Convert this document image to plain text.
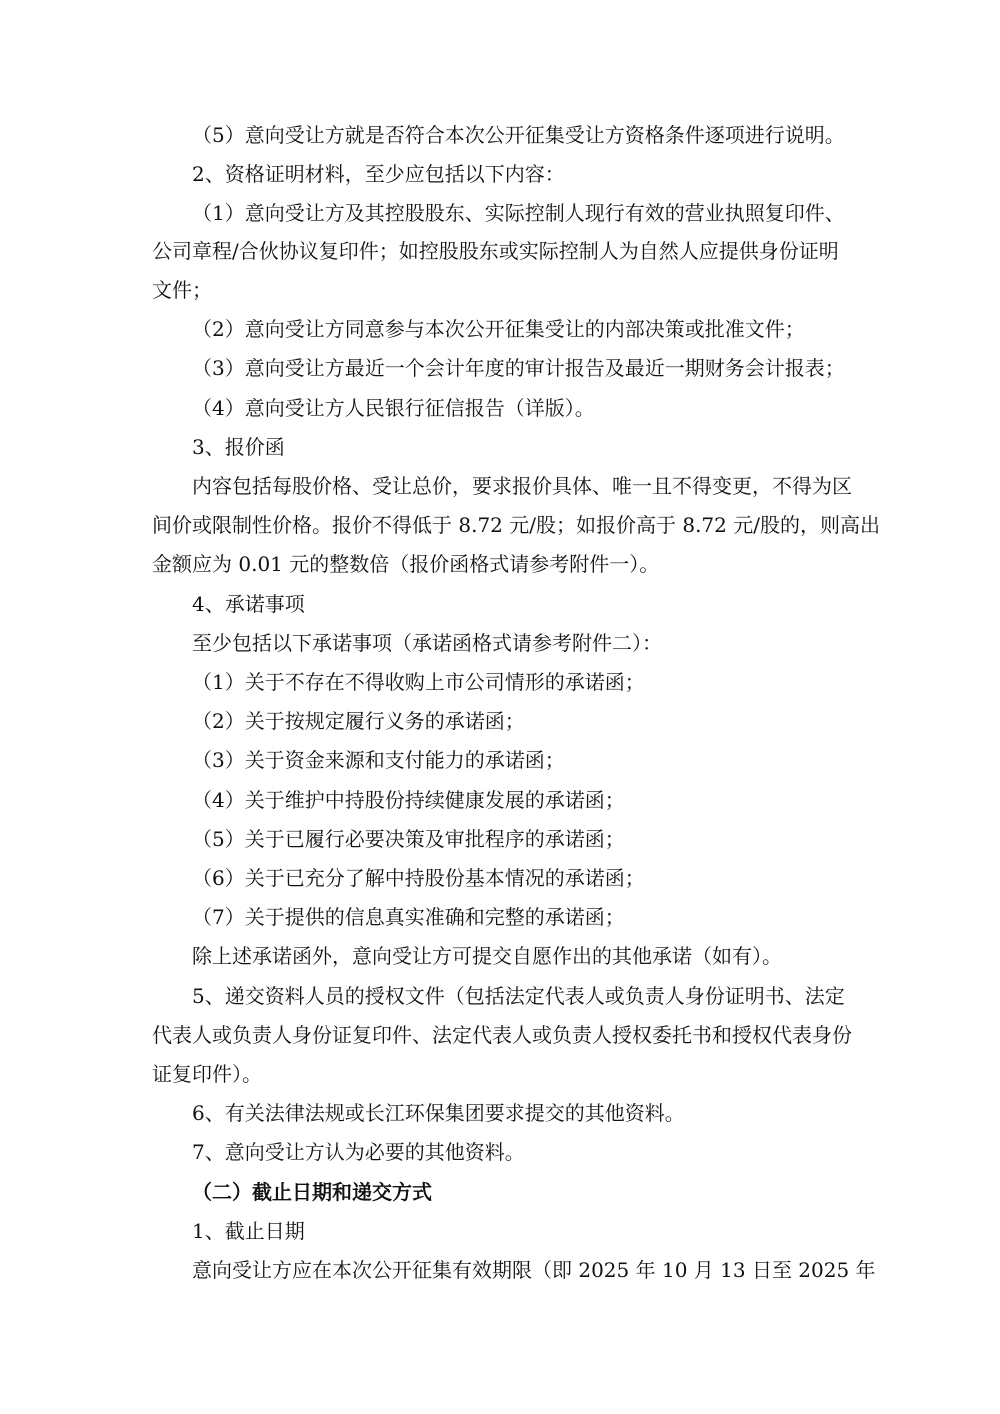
（5）意向受让方就是否符合本次公开征集受让方资格条件逐项进行说明。
2、资格证明材料，至少应包括以下内容：
（1）意向受让方及其控股股东、实际控制人现行有效的营业执照复印件、
公司章程/合伙协议复印件；如控股股东或实际控制人为自然人应提供身份证明
文件；
（2）意向受让方同意参与本次公开征集受让的内部决策或批准文件；
（3）意向受让方最近一个会计年度的审计报告及最近一期财务会计报表；
（4）意向受让方人民银行征信报告（详版）。
3、报价函
内容包括每股价格、受让总价，要求报价具体、唯一且不得变更，不得为区
间价或限制性价格。报价不得低于 8.72 元/股；如报价高于 8.72 元/股的，则高出
金额应为 0.01 元的整数倍（报价函格式请参考附件一）。
4、承诺事项
至少包括以下承诺事项（承诺函格式请参考附件二）：
（1）关于不存在不得收购上市公司情形的承诺函；
（2）关于按规定履行义务的承诺函；
（3）关于资金来源和支付能力的承诺函；
（4）关于维护中持股份持续健康发展的承诺函；
（5）关于已履行必要决策及审批程序的承诺函；
（6）关于已充分了解中持股份基本情况的承诺函；
（7）关于提供的信息真实准确和完整的承诺函；
除上述承诺函外，意向受让方可提交自愿作出的其他承诺（如有）。
5、递交资料人员的授权文件（包括法定代表人或负责人身份证明书、法定
代表人或负责人身份证复印件、法定代表人或负责人授权委托书和授权代表身份
证复印件）。
6、有关法律法规或长江环保集团要求提交的其他资料。
7、意向受让方认为必要的其他资料。
（二）截止日期和递交方式
1、截止日期
意向受让方应在本次公开征集有效期限（即 2025 年 10 月 13 日至 2025 年
